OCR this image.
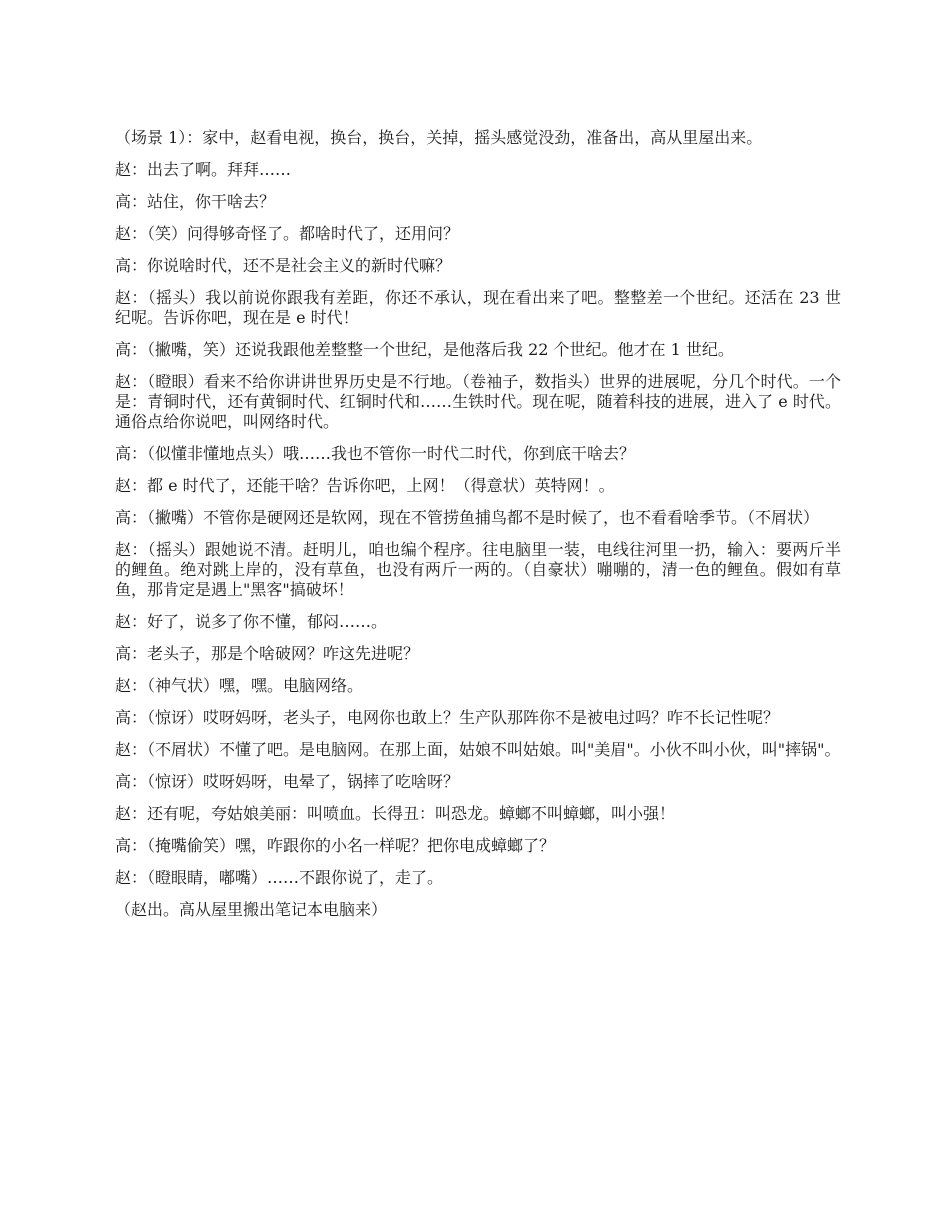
（场景 1）：家中，赵看电视，换台，换台，关掉，摇头感觉没劲，准备出，高从里屋出来。

赵：出去了啊。拜拜……

高：站住，你干啥去？

赵：（笑）问得够奇怪了。都啥时代了，还用问？

高：你说啥时代，还不是社会主义的新时代嘛？

赵：（摇头）我以前说你跟我有差距，你还不承认，现在看出来了吧。整整差一个世纪。还活在 23 世纪呢。告诉你吧，现在是 e 时代！

高：（撇嘴，笑）还说我跟他差整整一个世纪，是他落后我 22 个世纪。他才在 1 世纪。

赵：（瞪眼）看来不给你讲讲世界历史是不行地。（卷袖子，数指头）世界的进展呢，分几个时代。一个是：青铜时代，还有黄铜时代、红铜时代和……生铁时代。现在呢，随着科技的进展，进入了 e 时代。通俗点给你说吧，叫网络时代。

高：（似懂非懂地点头）哦……我也不管你一时代二时代，你到底干啥去？

赵：都 e 时代了，还能干啥？告诉你吧，上网！（得意状）英特网！。

高：（撇嘴）不管你是硬网还是软网，现在不管捞鱼捕鸟都不是时候了，也不看看啥季节。（不屑状）

赵：（摇头）跟她说不清。赶明儿，咱也编个程序。往电脑里一装，电线往河里一扔，输入：要两斤半的鲤鱼。绝对跳上岸的，没有草鱼，也没有两斤一两的。（自豪状）嘣嘣的，清一色的鲤鱼。假如有草鱼，那肯定是遇上"黑客"搞破坏！

赵：好了，说多了你不懂，郁闷……。

高：老头子，那是个啥破网？咋这先进呢？

赵：（神气状）嘿，嘿。电脑网络。

高：（惊讶）哎呀妈呀，老头子，电网你也敢上？生产队那阵你不是被电过吗？咋不长记性呢？

赵：（不屑状）不懂了吧。是电脑网。在那上面，姑娘不叫姑娘。叫"美眉"。小伙不叫小伙，叫"摔锅"。

高：（惊讶）哎呀妈呀，电晕了，锅摔了吃啥呀？

赵：还有呢，夸姑娘美丽：叫喷血。长得丑：叫恐龙。蟑螂不叫蟑螂，叫小强！

高：（掩嘴偷笑）嘿，咋跟你的小名一样呢？把你电成蟑螂了？

赵：（瞪眼睛，嘟嘴）……不跟你说了，走了。

（赵出。高从屋里搬出笔记本电脑来）
